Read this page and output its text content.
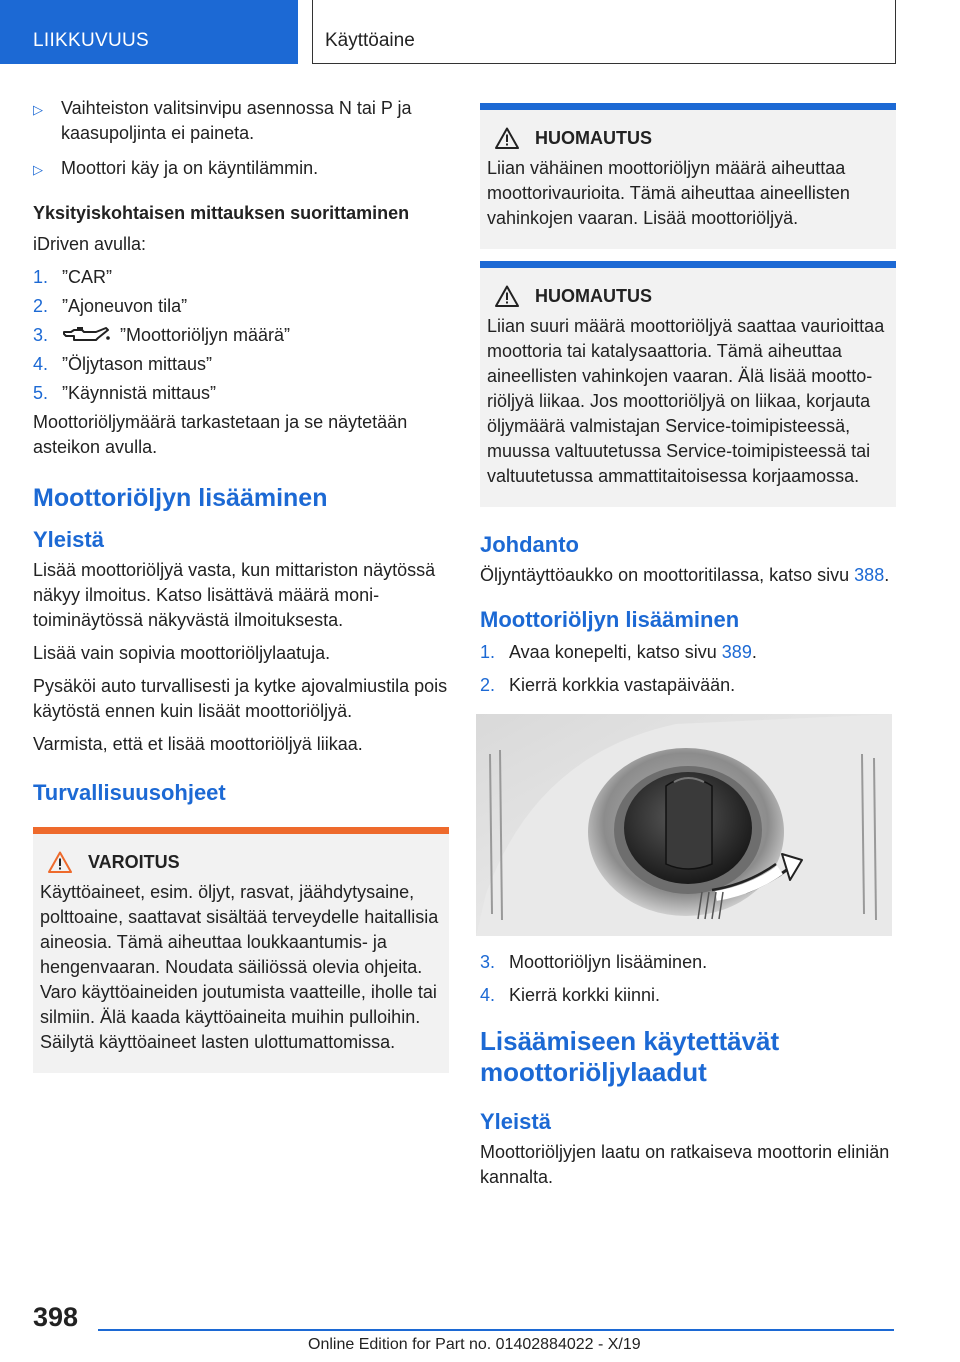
LIIKKUVUUS	Käyttöaine
▷ Vaihteiston valitsinvipu asennossa N tai P ja kaasupoljinta ei paineta.
▷ Moottori käy ja on käyntilämmin.
Yksityiskohtaisen mittauksen suorittaminen

iDriven avulla:

1. ”CAR”
2. ”Ajoneuvon tila”
3.	”Moottoriöljyn määrä”
4. ”Öljytason mittaus”
5. ”Käynnistä mittaus”

Moottoriöljymäärä tarkastetaan ja se näytetään asteikon avulla.

Moottoriöljyn lisääminen
Yleistä

Lisää moottoriöljyä vasta, kun mittariston näytössä näkyy ilmoitus. Katso lisättävä määrä monitoiminäytössä näkyvästä ilmoituksesta.

Lisää vain sopivia moottoriöljylaatuja.

Pysäköi auto turvallisesti ja kytke ajovalmiustila pois käytöstä ennen kuin lisäät moottoriöljyä.

Varmista, että et lisää moottoriöljyä liikaa.

Turvallisuusohjeet
VAROITUS

Käyttöaineet, esim. öljyt, rasvat, jäähdytysaine, polttoaine, saattavat sisältää terveydelle haitallisia aineosia. Tämä aiheuttaa loukkaantumis- ja hengenvaaran. Noudata säiliössä olevia ohjeita. Varo käyttöaineiden joutumista vaatteille, iholle tai silmiin. Älä kaada käyttöaineita muihin pulloihin. Säilytä käyttöaineet lasten ulottumattomissa.

HUOMAUTUS

Liian vähäinen moottoriöljyn määrä aiheuttaa moottorivaurioita. Tämä aiheuttaa aineellisten vahinkojen vaaran. Lisää moottoriöljyä.

HUOMAUTUS

Liian suuri määrä moottoriöljyä saattaa vaurioittaa moottoria tai katalysaattoria. Tämä aiheuttaa aineellisten vahinkojen vaaran. Älä lisää moottoriöljyä liikaa. Jos moottoriöljyä on liikaa, korjauta öljymäärä valmistajan Service-toimipisteessä, muussa valtuutetussa Service-toimipisteessä tai valtuutetussa ammattitaitoisessa korjaamossa.

Johdanto

Öljyntäyttöaukko on moottoritilassa, katso sivu 388.

Moottoriöljyn lisääminen
1. Avaa konepelti, katso sivu 389.
2. Kierrä korkkia vastapäivään.
3. Moottoriöljyn lisääminen.
4. Kierrä korkki kiinni.
Lisäämiseen käytettävät moottoriöljylaadut
Yleistä

Moottoriöljyjen laatu on ratkaiseva moottorin eliniän kannalta.

398
Online Edition for Part no. 01402884022 - X/19
